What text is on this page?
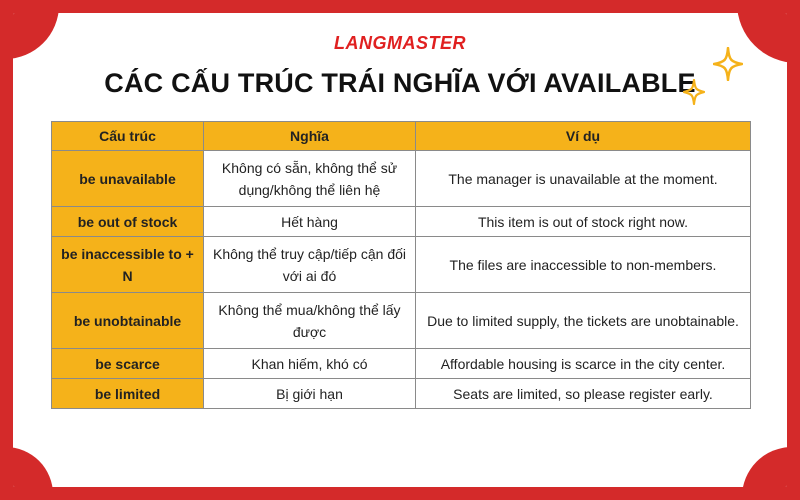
LANGMASTER
CÁC CẤU TRÚC TRÁI NGHĨA VỚI AVAILABLE
Cấu trúc	Nghĩa	Ví dụ
be unavailable	Không có sẵn, không thể sử dụng/không thể liên hệ	The manager is unavailable at the moment.
be out of stock	Hết hàng	This item is out of stock right now.
be inaccessible to + N	Không thể truy cập/tiếp cận đối với ai đó	The files are inaccessible to non-members.
be unobtainable	Không thể mua/không thể lấy được	Due to limited supply, the tickets are unobtainable.
be scarce	Khan hiếm, khó có	Affordable housing is scarce in the city center.
be limited	Bị giới hạn	Seats are limited, so please register early.
